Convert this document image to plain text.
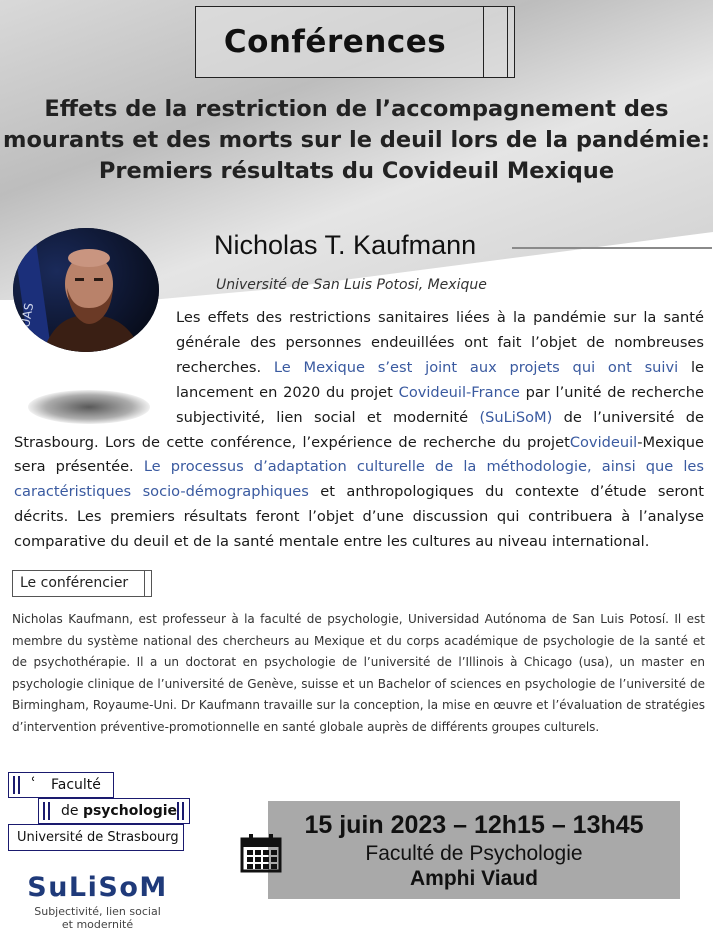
Conférences
Effets de la restriction de l’accompagnement des
mourants et des morts sur le deuil lors de la pandémie:
Premiers résultats du Covideuil Mexique
Nicholas T. Kaufmann
Université de San Luis Potosi, Mexique
UAS	Les effets des restrictions sanitaires liées à la pandémie sur la santé générale des personnes endeuillées ont fait l’objet de nombreuses recherches. Le Mexique s’est joint aux projets qui ont suivi le lancement en 2020 du projet Covideuil-France par l’unité de recherche subjectivité, lien social et modernité (SuLiSoM) de l’université de Strasbourg. Lors de cette conférence, l’expérience de recherche du projetCovideuil-Mexique sera présentée. Le processus d’adaptation culturelle de la méthodologie, ainsi que les caractéristiques socio-démographiques et anthropologiques du contexte d’étude seront décrits. Les premiers résultats feront l’objet d’une discussion qui contribuera à l’analyse comparative du deuil et de la santé mentale entre les cultures au niveau international.
Le conférencier
Nicholas Kaufmann, est professeur à la faculté de psychologie, Universidad Autónoma de San Luis Potosí. Il est membre du système national des chercheurs au Mexique et du corps académique de psychologie de la santé et de psychothérapie. Il a un doctorat en psychologie de l’université de l’Illinois à Chicago (usa), un master en psychologie clinique de l’université de Genève, suisse et un Bachelor of sciences en psychologie de l’université de Birmingham, Royaume-Uni. Dr Kaufmann travaille sur la conception, la mise en œuvre et l’évaluation de stratégies d’intervention préventive-promotionnelle en santé globale auprès de différents groupes culturels.
ʿ Faculté
de psychologie
Université de Strasbourg
SuLiSoM
Subjectivité, lien social
et modernité
15 juin 2023 – 12h15 – 13h45
Faculté de Psychologie
Amphi Viaud
